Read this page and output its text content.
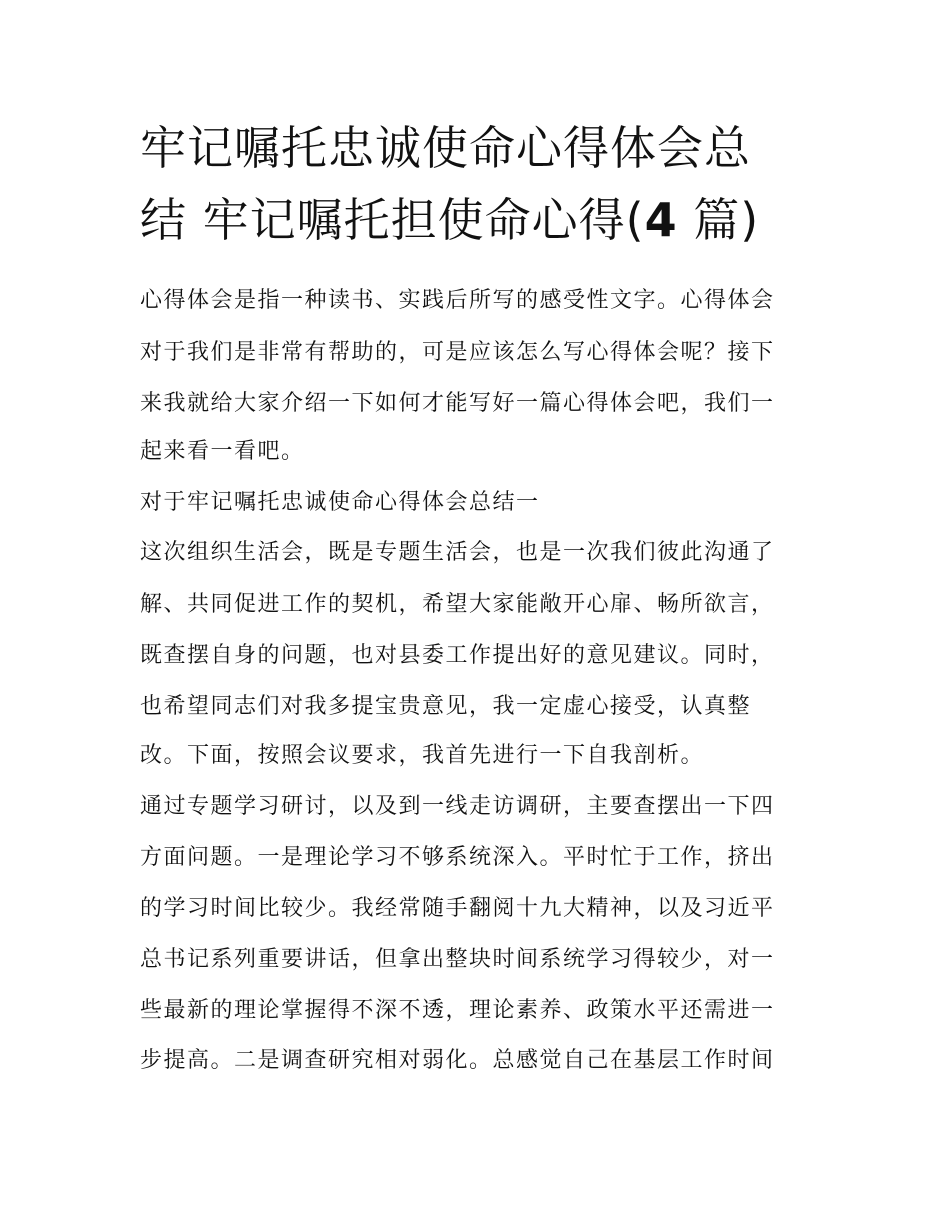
牢记嘱托忠诚使命心得体会总
结 牢记嘱托担使命心得(4 篇)

心得体会是指一种读书、实践后所写的感受性文字。心得体会

对于我们是非常有帮助的，可是应该怎么写心得体会呢？接下

来我就给大家介绍一下如何才能写好一篇心得体会吧，我们一

起来看一看吧。

对于牢记嘱托忠诚使命心得体会总结一

这次组织生活会，既是专题生活会，也是一次我们彼此沟通了

解、共同促进工作的契机，希望大家能敞开心扉、畅所欲言，

既查摆自身的问题，也对县委工作提出好的意见建议。同时，

也希望同志们对我多提宝贵意见，我一定虚心接受，认真整

改。下面，按照会议要求，我首先进行一下自我剖析。

通过专题学习研讨，以及到一线走访调研，主要查摆出一下四

方面问题。一是理论学习不够系统深入。平时忙于工作，挤出

的学习时间比较少。我经常随手翻阅十九大精神，以及习近平

总书记系列重要讲话，但拿出整块时间系统学习得较少，对一

些最新的理论掌握得不深不透，理论素养、政策水平还需进一

步提高。二是调查研究相对弱化。总感觉自己在基层工作时间
